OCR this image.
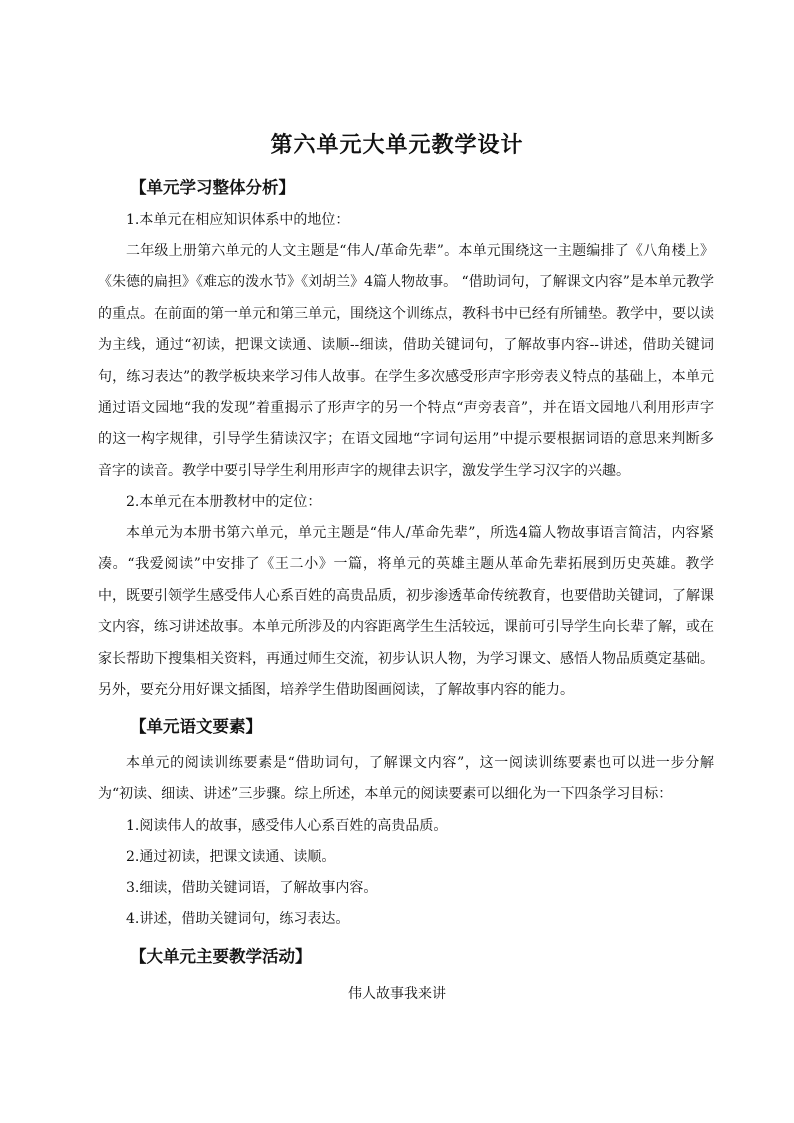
第六单元大单元教学设计
【单元学习整体分析】
1.本单元在相应知识体系中的地位：
二年级上册第六单元的人文主题是“伟人/革命先辈”。本单元围绕这一主题编排了《八角楼上》《朱德的扁担》《难忘的泼水节》《刘胡兰》4篇人物故事。 “借助词句，了解课文内容”是本单元教学的重点。在前面的第一单元和第三单元，围绕这个训练点，教科书中已经有所铺垫。教学中，要以读为主线，通过“初读，把课文读通、读顺--细读，借助关键词句，了解故事内容--讲述，借助关键词句，练习表达”的教学板块来学习伟人故事。在学生多次感受形声字形旁表义特点的基础上，本单元通过语文园地“我的发现”着重揭示了形声字的另一个特点“声旁表音”，并在语文园地八利用形声字的这一构字规律，引导学生猜读汉字；在语文园地“字词句运用”中提示要根据词语的意思来判断多音字的读音。教学中要引导学生利用形声字的规律去识字，激发学生学习汉字的兴趣。
2.本单元在本册教材中的定位：
本单元为本册书第六单元，单元主题是“伟人/革命先辈”，所选4篇人物故事语言简洁，内容紧凑。“我爱阅读”中安排了《王二小》一篇，将单元的英雄主题从革命先辈拓展到历史英雄。教学中，既要引领学生感受伟人心系百姓的高贵品质，初步渗透革命传统教育，也要借助关键词，了解课文内容，练习讲述故事。本单元所涉及的内容距离学生生活较远，课前可引导学生向长辈了解，或在家长帮助下搜集相关资料，再通过师生交流，初步认识人物，为学习课文、感悟人物品质奠定基础。另外，要充分用好课文插图，培养学生借助图画阅读，了解故事内容的能力。
【单元语文要素】
本单元的阅读训练要素是“借助词句，了解课文内容”，这一阅读训练要素也可以进一步分解为“初读、细读、讲述”三步骤。综上所述，本单元的阅读要素可以细化为一下四条学习目标：
1.阅读伟人的故事，感受伟人心系百姓的高贵品质。
2.通过初读，把课文读通、读顺。
3.细读，借助关键词语，了解故事内容。
4.讲述，借助关键词句，练习表达。
【大单元主要教学活动】
伟人故事我来讲
